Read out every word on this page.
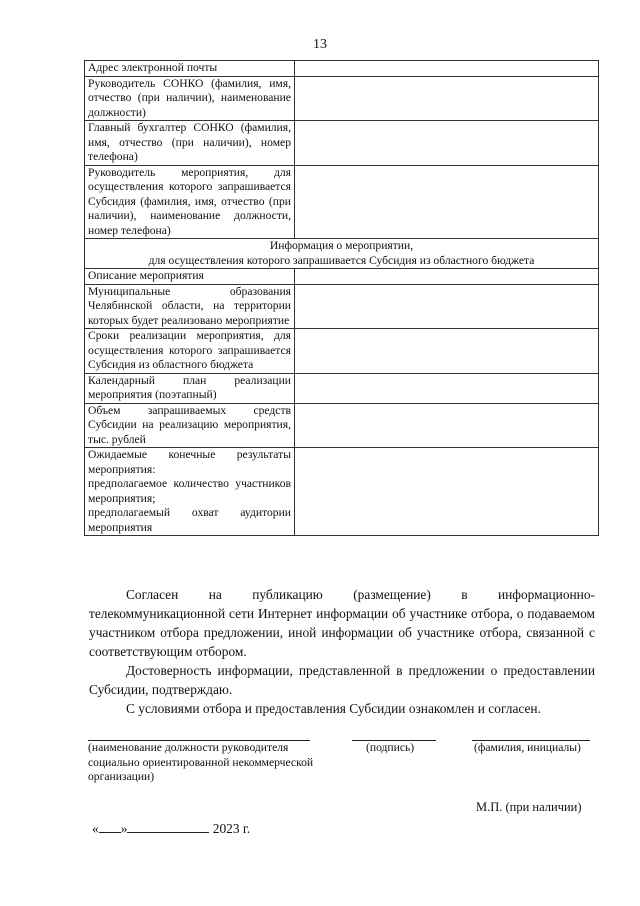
13
Адрес электронной почты	
Руководитель СОНКО (фамилия, имя, отчество (при наличии), наименование должности)	
Главный бухгалтер СОНКО (фамилия, имя, отчество (при наличии), номер телефона)	
Руководитель мероприятия, для осуществления которого запрашивается Субсидия (фамилия, имя, отчество (при наличии), наименование должности, номер телефона)	

Информация о мероприятии,
для осуществления которого запрашивается Субсидия из областного бюджета	

Описание мероприятия	
Муниципальные образования Челябинской области, на территории которых будет реализовано мероприятие	
Сроки реализации мероприятия, для осуществления которого запрашивается Субсидия из областного бюджета	
Календарный план реализации мероприятия (поэтапный)	
Объем запрашиваемых средств Субсидии на реализацию мероприятия, тыс. рублей	

Ожидаемые конечные результаты мероприятия:
предполагаемое количество участников мероприятия;
предполагаемый охват аудитории мероприятия	

Согласен на публикацию (размещение) в информационно-телекоммуникационной сети Интернет информации об участнике отбора, о подаваемом участником отбора предложении, иной информации об участнике отбора, связанной с соответствующим отбором.

Достоверность информации, представленной в предложении о предоставлении Субсидии, подтверждаю.

С условиями отбора и предоставления Субсидии ознакомлен и согласен.

(наименование должности руководителя социально ориентированной некоммерческой организации)
(подпись)	(фамилия, инициалы)
М.П. (при наличии)
« »	2023 г.
